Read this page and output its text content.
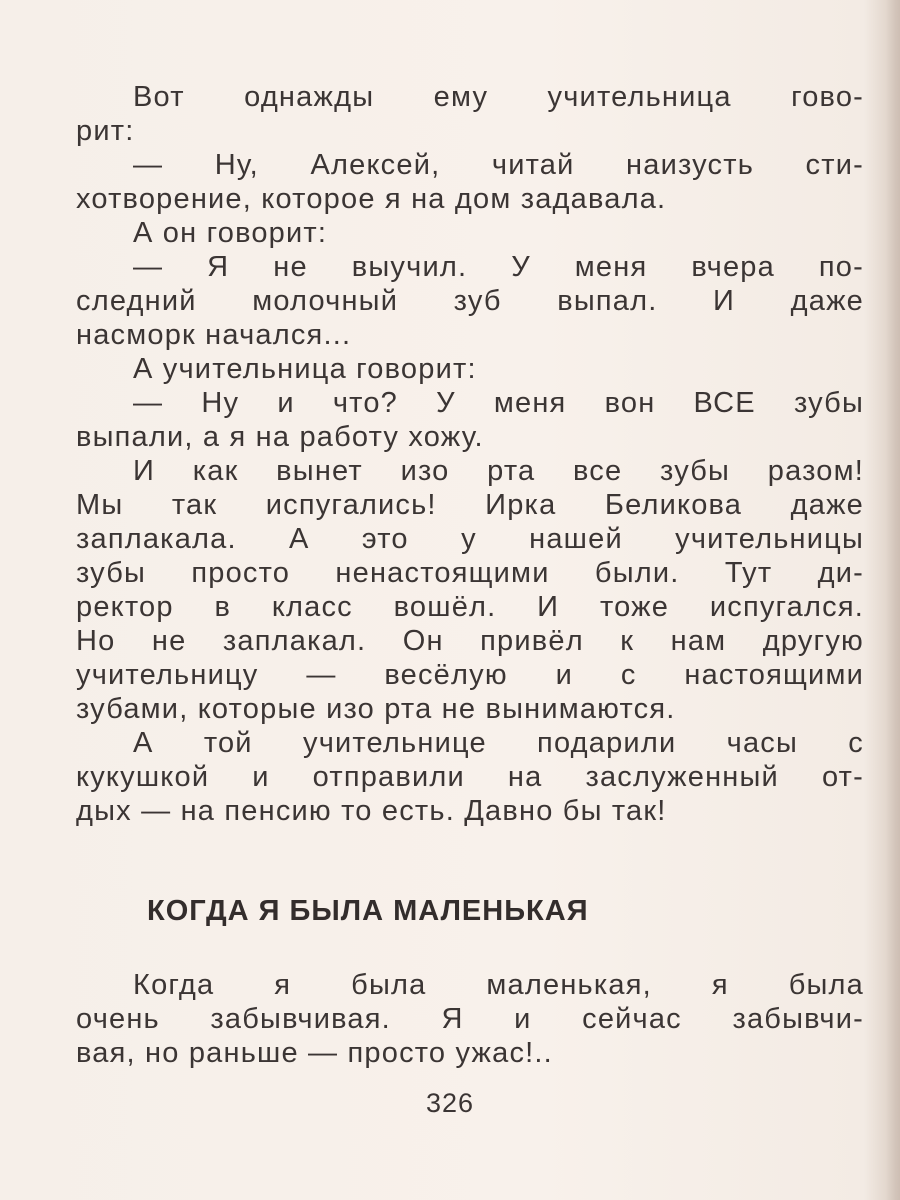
Вот однажды ему учительница гово-
рит:
— Ну, Алексей, читай наизусть сти-
хотворение, которое я на дом задавала.
А он говорит:
— Я не выучил. У меня вчера по-
следний молочный зуб выпал. И даже
насморк начался...
А учительница говорит:
— Ну и что? У меня вон ВСЕ зубы
выпали, а я на работу хожу.
И как вынет изо рта все зубы разом!
Мы так испугались! Ирка Беликова даже
заплакала. А это у нашей учительницы
зубы просто ненастоящими были. Тут ди-
ректор в класс вошёл. И тоже испугался.
Но не заплакал. Он привёл к нам другую
учительницу — весёлую и с настоящими
зубами, которые изо рта не вынимаются.
А той учительнице подарили часы с
кукушкой и отправили на заслуженный от-
дых — на пенсию то есть. Давно бы так!
КОГДА Я БЫЛА МАЛЕНЬКАЯ
Когда я была маленькая, я была
очень забывчивая. Я и сейчас забывчи-
вая, но раньше — просто ужас!..
326
